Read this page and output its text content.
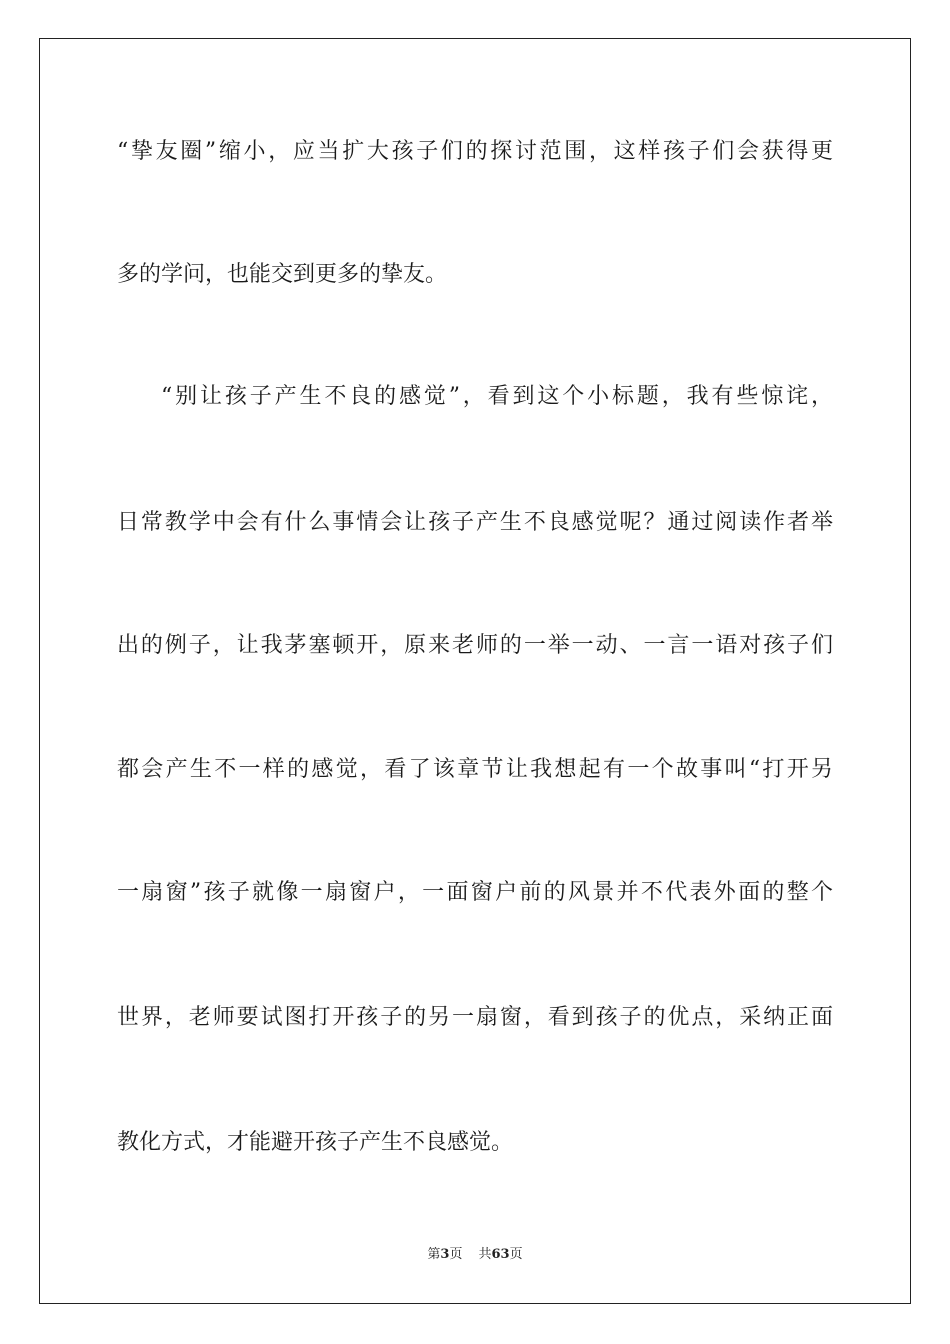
“挚友圈”缩小，应当扩大孩子们的探讨范围，这样孩子们会获得更
多的学问，也能交到更多的挚友。
“别让孩子产生不良的感觉”，看到这个小标题，我有些惊诧，
日常教学中会有什么事情会让孩子产生不良感觉呢？通过阅读作者举
出的例子，让我茅塞顿开，原来老师的一举一动、一言一语对孩子们
都会产生不一样的感觉，看了该章节让我想起有一个故事叫“打开另
一扇窗”孩子就像一扇窗户，一面窗户前的风景并不代表外面的整个
世界，老师要试图打开孩子的另一扇窗，看到孩子的优点，采纳正面
教化方式，才能避开孩子产生不良感觉。
第3页 共63页
